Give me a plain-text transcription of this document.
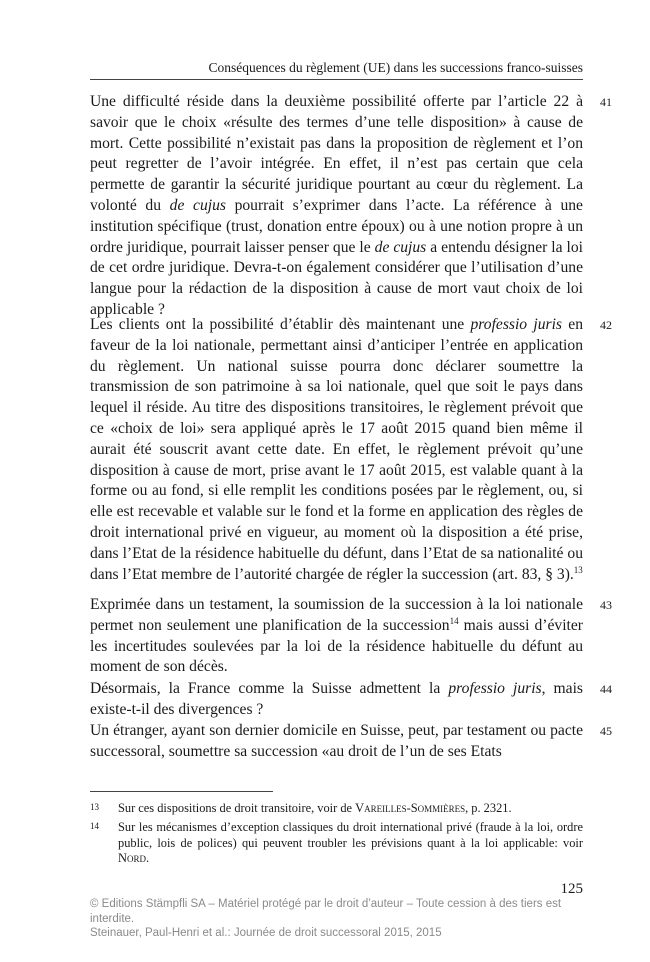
Conséquences du règlement (UE) dans les successions franco-suisses
Une difficulté réside dans la deuxième possibilité offerte par l’article 22 à savoir que le choix «résulte des termes d’une telle disposition» à cause de mort. Cette possibilité n’existait pas dans la proposition de règlement et l’on peut regretter de l’avoir intégrée. En effet, il n’est pas certain que cela permette de garantir la sécurité juridique pourtant au cœur du règlement. La volonté du de cujus pourrait s’exprimer dans l’acte. La référence à une institution spécifique (trust, donation entre époux) ou à une notion propre à un ordre juridique, pourrait laisser penser que le de cujus a entendu désigner la loi de cet ordre juridique. Devra-t-on également considérer que l’utilisation d’une langue pour la rédaction de la disposition à cause de mort vaut choix de loi applicable ?
41
Les clients ont la possibilité d’établir dès maintenant une professio juris en faveur de la loi nationale, permettant ainsi d’anticiper l’entrée en application du règlement. Un national suisse pourra donc déclarer soumettre la transmission de son patrimoine à sa loi nationale, quel que soit le pays dans lequel il réside. Au titre des dispositions transitoires, le règlement prévoit que ce «choix de loi» sera appliqué après le 17 août 2015 quand bien même il aurait été souscrit avant cette date. En effet, le règlement prévoit qu’une disposition à cause de mort, prise avant le 17 août 2015, est valable quant à la forme ou au fond, si elle remplit les conditions posées par le règlement, ou, si elle est recevable et valable sur le fond et la forme en application des règles de droit international privé en vigueur, au moment où la disposition a été prise, dans l’Etat de la résidence habituelle du défunt, dans l’Etat de sa nationalité ou dans l’Etat membre de l’autorité chargée de régler la succession (art. 83, § 3).$^{13}$
42
Exprimée dans un testament, la soumission de la succession à la loi nationale permet non seulement une planification de la succession$^{14}$ mais aussi d’éviter les incertitudes soulevées par la loi de la résidence habituelle du défunt au moment de son décès.
43
Désormais, la France comme la Suisse admettent la professio juris, mais existe-t-il des divergences ?
44
Un étranger, ayant son dernier domicile en Suisse, peut, par testament ou pacte successoral, soumettre sa succession «au droit de l’un de ses Etats
45
13 Sur ces dispositions de droit transitoire, voir de Vareilles-Sommières, p. 2321.
14 Sur les mécanismes d’exception classiques du droit international privé (fraude à la loi, ordre public, lois de polices) qui peuvent troubler les prévisions quant à la loi applicable: voir Nord.
125
© Editions Stämpfli SA – Matériel protégé par le droit d’auteur – Toute cession à des tiers est
interdite.
Steinauer, Paul-Henri et al.: Journée de droit successoral 2015, 2015
